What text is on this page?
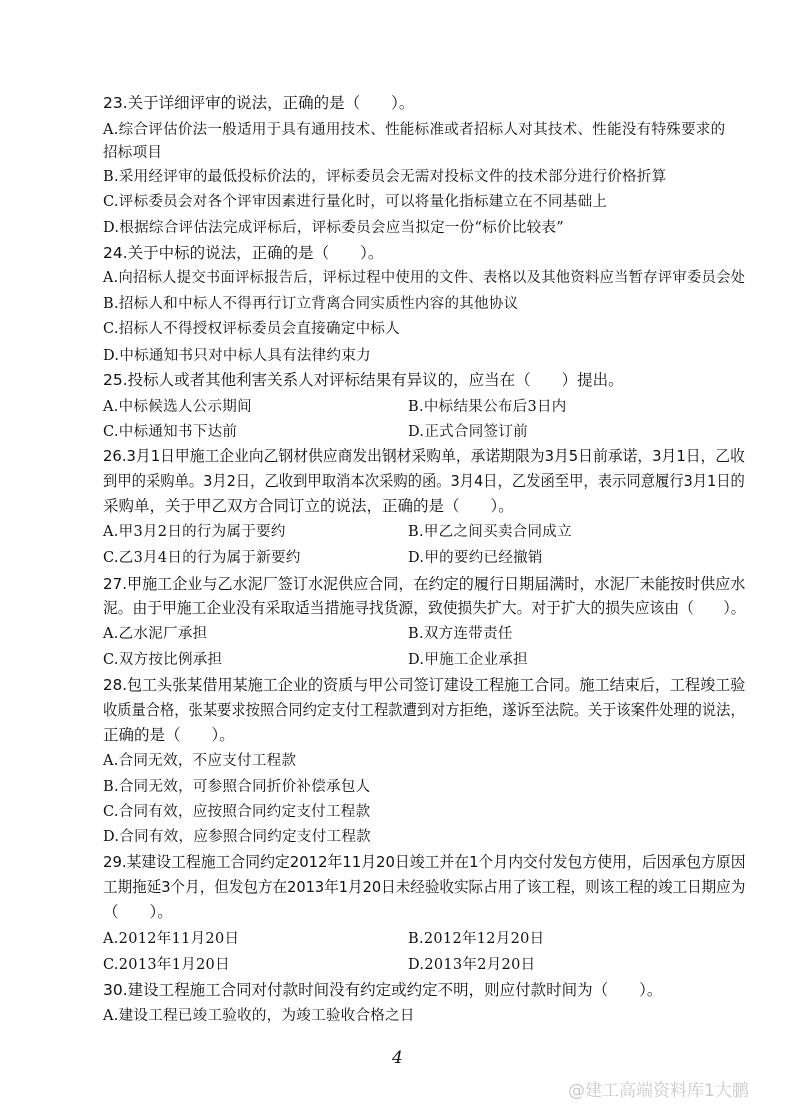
23.关于详细评审的说法，正确的是（　　）。
A.综合评估价法一般适用于具有通用技术、性能标准或者招标人对其技术、性能没有特殊要求的
招标项目
B.采用经评审的最低投标价法的，评标委员会无需对投标文件的技术部分进行价格折算
C.评标委员会对各个评审因素进行量化时，可以将量化指标建立在不同基础上
D.根据综合评估法完成评标后，评标委员会应当拟定一份“标价比较表”
24.关于中标的说法，正确的是（　　）。
A.向招标人提交书面评标报告后，评标过程中使用的文件、表格以及其他资料应当暂存评审委员会处
B.招标人和中标人不得再行订立背离合同实质性内容的其他协议
C.招标人不得授权评标委员会直接确定中标人
D.中标通知书只对中标人具有法律约束力
25.投标人或者其他利害关系人对评标结果有异议的，应当在（　　）提出。
A.中标候选人公示期间	B.中标结果公布后3日内
C.中标通知书下达前	D.正式合同签订前
26.3月1日甲施工企业向乙钢材供应商发出钢材采购单，承诺期限为3月5日前承诺，3月1日，乙收
到甲的采购单。3月2日，乙收到甲取消本次采购的函。3月4日，乙发函至甲，表示同意履行3月1日的
采购单，关于甲乙双方合同订立的说法，正确的是（　　）。
A.甲3月2日的行为属于要约	B.甲乙之间买卖合同成立
C.乙3月4日的行为属于新要约	D.甲的要约已经撤销
27.甲施工企业与乙水泥厂签订水泥供应合同，在约定的履行日期届满时，水泥厂未能按时供应水
泥。由于甲施工企业没有采取适当措施寻找货源，致使损失扩大。对于扩大的损失应该由（　　）。
A.乙水泥厂承担	B.双方连带责任
C.双方按比例承担	D.甲施工企业承担
28.包工头张某借用某施工企业的资质与甲公司签订建设工程施工合同。施工结束后，工程竣工验
收质量合格，张某要求按照合同约定支付工程款遭到对方拒绝，遂诉至法院。关于该案件处理的说法，
正确的是（　　）。
A.合同无效，不应支付工程款
B.合同无效，可参照合同折价补偿承包人
C.合同有效，应按照合同约定支付工程款
D.合同有效，应参照合同约定支付工程款
29.某建设工程施工合同约定2012年11月20日竣工并在1个月内交付发包方使用，后因承包方原因
工期拖延3个月，但发包方在2013年1月20日未经验收实际占用了该工程，则该工程的竣工日期应为
（　　）。
A.2012年11月20日	B.2012年12月20日
C.2013年1月20日	D.2013年2月20日
30.建设工程施工合同对付款时间没有约定或约定不明，则应付款时间为（　　）。
A.建设工程已竣工验收的，为竣工验收合格之日
4
@建工高端资料库1大鹏
